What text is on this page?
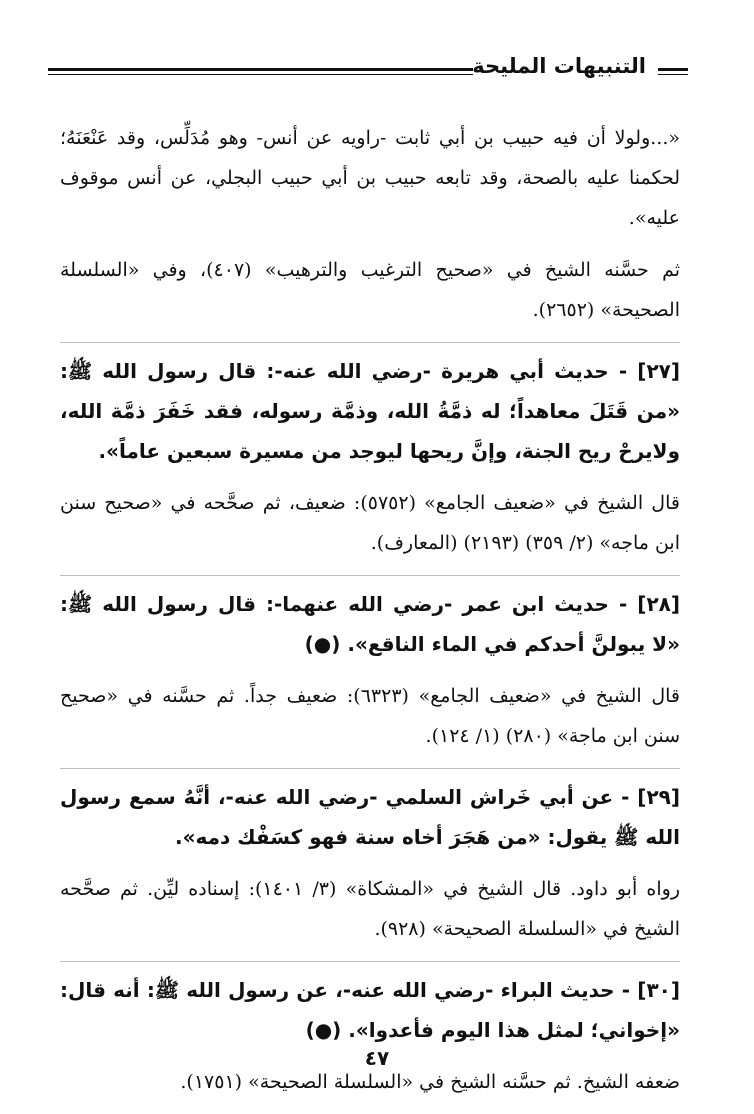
التنبيهات المليحة

«...ولولا أن فيه حبيب بن أبي ثابت -راويه عن أنس- وهو مُدَلِّس، وقد عَنْعَنَهُ؛ لحكمنا عليه بالصحة، وقد تابعه حبيب بن أبي حبيب البجلي، عن أنس موقوف عليه».

ثم حسَّنه الشيخ في «صحيح الترغيب والترهيب» (٤٠٧)، وفي «السلسلة الصحيحة» (٢٦٥٢).

[٢٧] - حديث أبي هريرة -رضي الله عنه-: قال رسول الله ﷺ: «من قَتَلَ معاهداً؛ له ذمَّةُ الله، وذمَّة رسوله، فقد خَفَرَ ذمَّة الله، ولايرحْ ريح الجنة، وإنَّ ريحها ليوجد من مسيرة سبعين عاماً».

قال الشيخ في «ضعيف الجامع» (٥٧٥٢): ضعيف، ثم صحَّحه في «صحيح سنن ابن ماجه» (٢/ ٣٥٩) (٢١٩٣) (المعارف).

[٢٨] - حديث ابن عمر -رضي الله عنهما-: قال رسول الله ﷺ: «لا يبولنَّ أحدكم في الماء الناقع». (●)

قال الشيخ في «ضعيف الجامع» (٦٣٢٣): ضعيف جداً. ثم حسَّنه في «صحيح سنن ابن ماجة» (٢٨٠) (١/ ١٢٤).

[٢٩] - عن أبي خَراش السلمي -رضي الله عنه-، أنَّهُ سمع رسول الله ﷺ يقول: «من هَجَرَ أخاه سنة فهو كسَفْك دمه».

رواه أبو داود. قال الشيخ في «المشكاة» (٣/ ١٤٠١): إسناده ليِّن. ثم صحَّحه الشيخ في «السلسلة الصحيحة» (٩٢٨).

[٣٠] - حديث البراء -رضي الله عنه-، عن رسول الله ﷺ: أنه قال: «إخواني؛ لمثل هذا اليوم فأعدوا». (●)

ضعفه الشيخ. ثم حسَّنه الشيخ في «السلسلة الصحيحة» (١٧٥١).

٤٧
